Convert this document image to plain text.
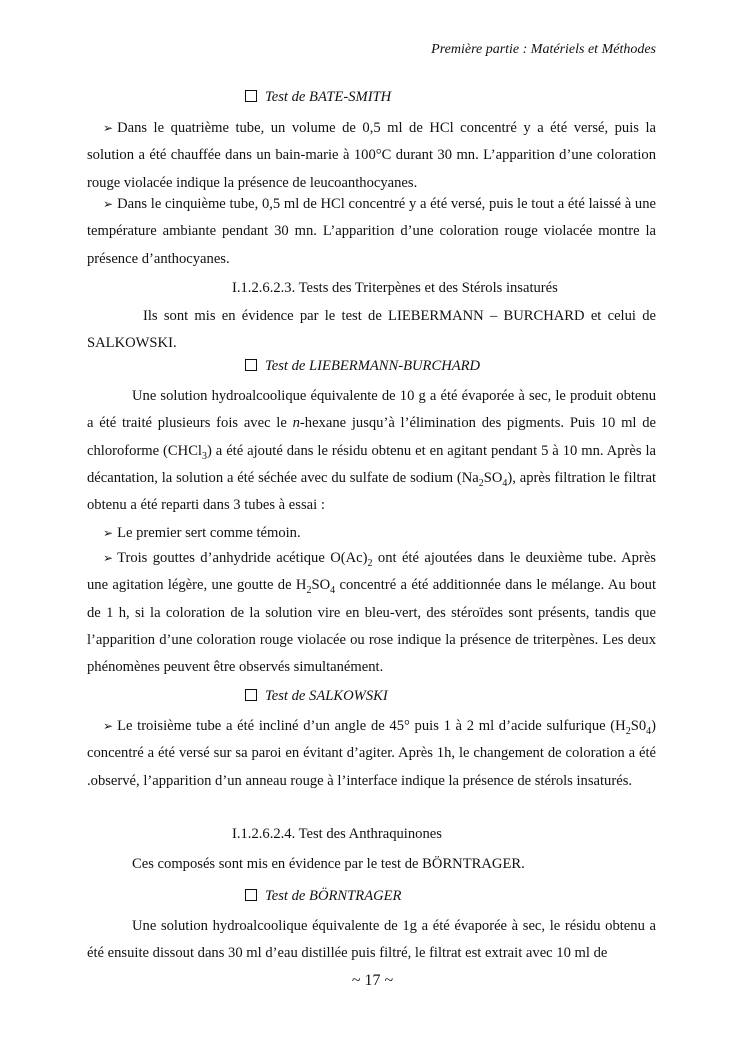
Première partie : Matériels et Méthodes
Test de BATE-SMITH
➢ Dans le quatrième tube, un volume de 0,5 ml de HCl concentré y a été versé, puis la solution a été chauffée dans un bain-marie à 100°C durant 30 mn. L’apparition d’une coloration rouge violacée indique la présence de leucoanthocyanes.
➢ Dans le cinquième tube, 0,5 ml de HCl concentré y a été versé, puis le tout a été laissé à une température ambiante pendant 30 mn. L’apparition d’une coloration rouge violacée montre la présence d’anthocyanes.
I.1.2.6.2.3. Tests des Triterpènes et des Stérols insaturés
Ils sont mis en évidence par le test de LIEBERMANN – BURCHARD et celui de SALKOWSKI.
Test de LIEBERMANN-BURCHARD
Une solution hydroalcoolique équivalente de 10 g a été évaporée à sec, le produit obtenu a été traité plusieurs fois avec le n-hexane jusqu’à l’élimination des pigments. Puis 10 ml de chloroforme (CHCl$_3$) a été ajouté dans le résidu obtenu et en agitant pendant 5 à 10 mn. Après la décantation, la solution a été séchée avec du sulfate de sodium $(Na_2SO_4)$, après filtration le filtrat obtenu a été reparti dans 3 tubes à essai :
➢ Le premier sert comme témoin.
➢ Trois gouttes d’anhydride acétique $O(Ac)_2$ ont été ajoutées dans le deuxième tube. Après une agitation légère, une goutte de $H_2SO_4$ concentré a été additionnée dans le mélange. Au bout de 1 h, si la coloration de la solution vire en bleu-vert, des stéroïdes sont présents, tandis que l’apparition d’une coloration rouge violacée ou rose indique la présence de triterpènes. Les deux phénomènes peuvent être observés simultanément.
Test de SALKOWSKI
➢ Le troisième tube a été incliné d’un angle de 45° puis 1 à 2 ml d’acide sulfurique $(H_2S0_4)$ concentré a été versé sur sa paroi en évitant d’agiter. Après 1h, le changement de coloration a été .observé, l’apparition d’un anneau rouge à l’interface indique la présence de stérols insaturés.
I.1.2.6.2.4. Test des Anthraquinones
Ces composés sont mis en évidence par le test de BÖRNTRAGER.
Test de BÖRNTRAGER
Une solution hydroalcoolique équivalente de 1g a été évaporée à sec, le résidu obtenu a été ensuite dissout dans 30 ml d’eau distillée puis filtré, le filtrat est extrait avec 10 ml de
~ 17 ~
